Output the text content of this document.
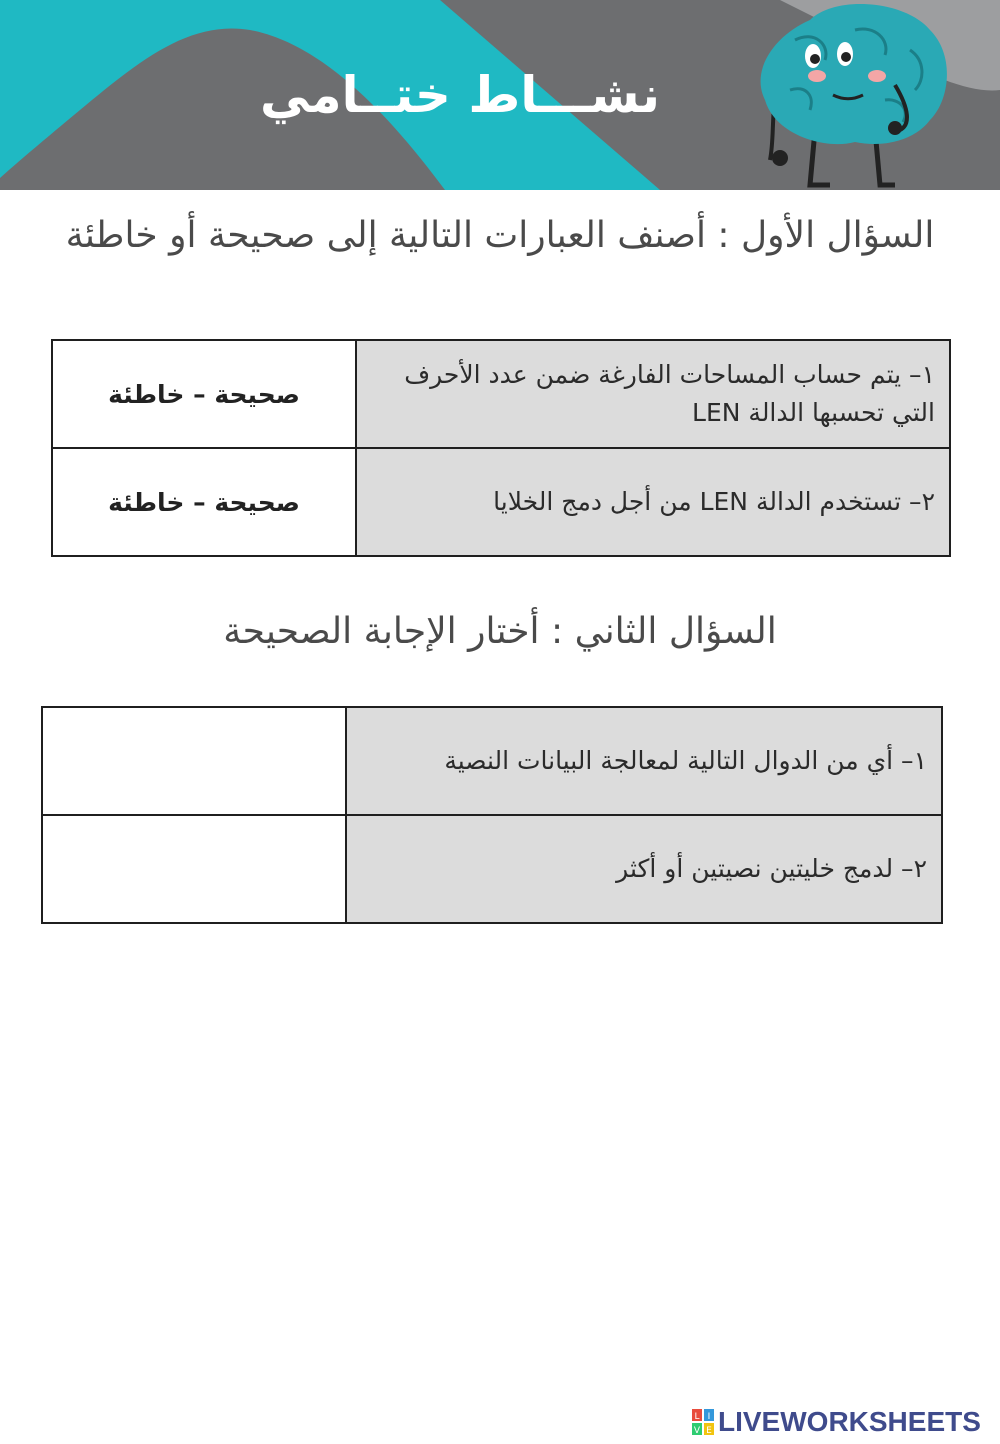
نشـــاط ختــامي
السؤال الأول : أصنف العبارات التالية إلى صحيحة أو خاطئة
١– يتم حساب المساحات الفارغة ضمن عدد الأحرف التي تحسبها الدالة LEN	صحيحة – خاطئة
٢– تستخدم الدالة LEN من أجل دمج الخلايا	صحيحة – خاطئة
السؤال الثاني : أختار الإجابة الصحيحة
١– أي من الدوال التالية لمعالجة البيانات النصية	
٢– لدمج خليتين نصيتين أو أكثر	
L I
V E LIVEWORKSHEETS
